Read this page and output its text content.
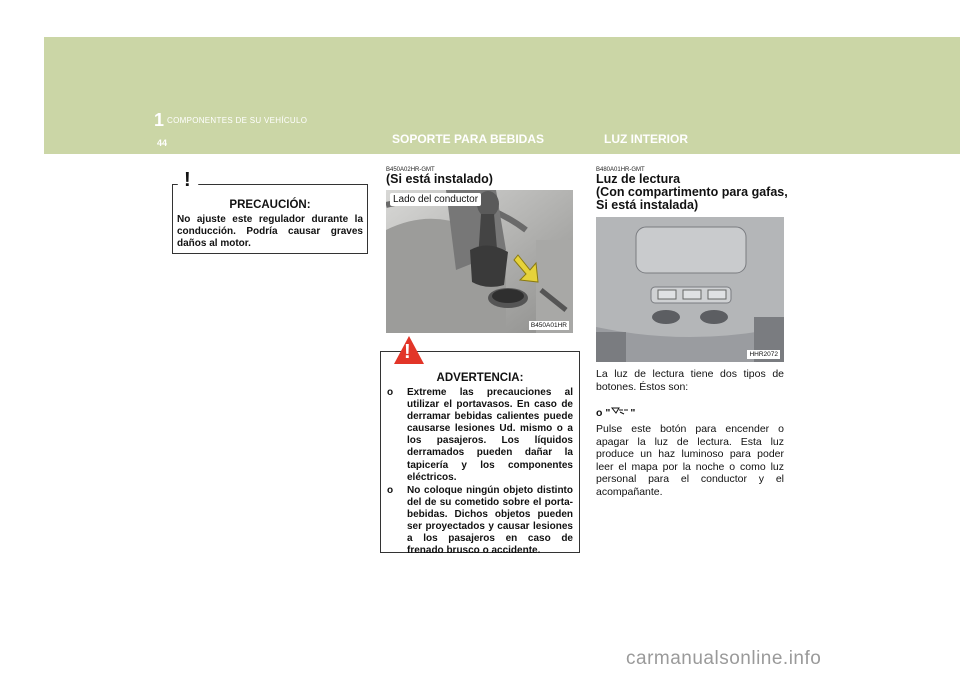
1 COMPONENTES DE SU VEHÍCULO
44	SOPORTE PARA BEBIDAS	LUZ INTERIOR
PRECAUCIÓN:
No ajuste este regulador durante la conducción. Podría causar graves daños al motor.
!	B450A02HR-GMT
(Si está instalado)
Lado del conductor
B450A01HR
ADVERTENCIA:
o Extreme las precauciones al utilizar el portavasos. En caso de derramar bebidas calientes puede causarse lesiones Ud. mismo o a los pasajeros. Los líquidos derramados pueden dañar la tapicería y los componentes eléctricos.
o No coloque ningún objeto distinto del de su cometido sobre el porta-bebidas. Dichos objetos pueden ser proyectados y causar lesiones a los pasajeros en caso de frenado brusco o accidente.
!
B480A01HR-GMT
Luz de lectura
(Con compartimento para gafas,
Si está instalada)
HHR2072

La luz de lectura tiene dos tipos de botones. Éstos son:

o " "

Pulse este botón para encender o apagar la luz de lectura. Esta luz produce un haz luminoso para poder leer el mapa por la noche o como luz personal para el conductor y el acompañante.

carmanualsonline.info
